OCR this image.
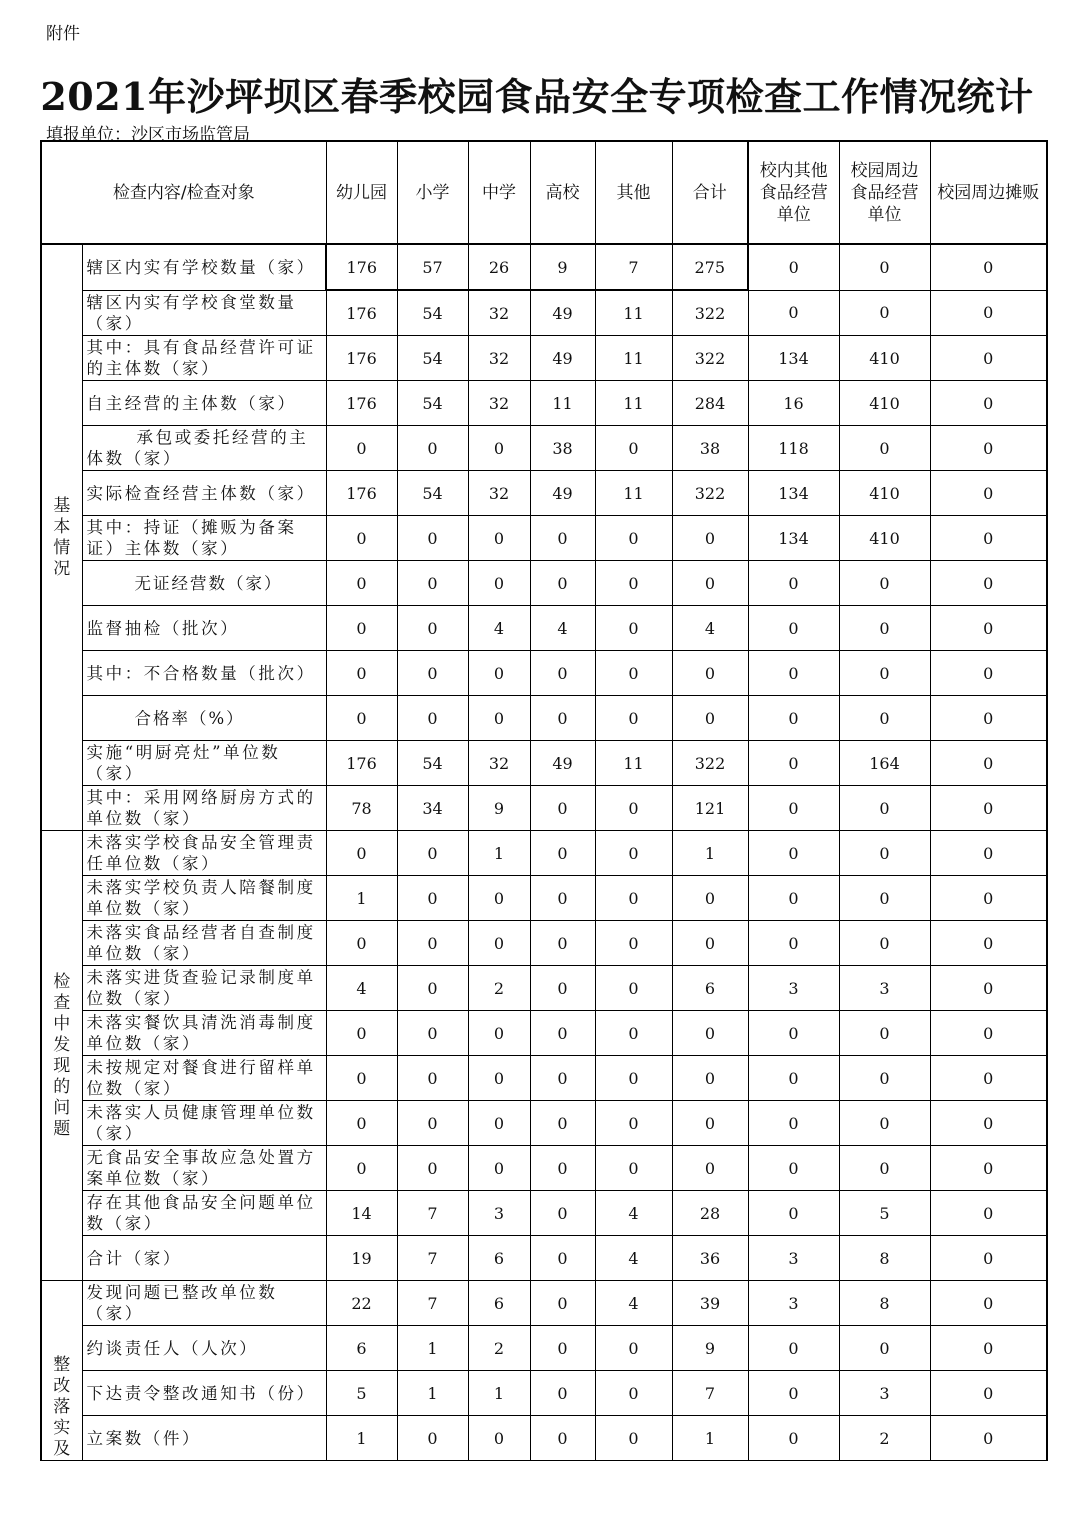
附件
2021年沙坪坝区春季校园食品安全专项检查工作情况统计
填报单位：沙区市场监管局
检查内容/检查对象		幼儿园	小学	中学	高校	其他	合计	校内其他食品经营单位	校园周边食品经营单位	校园周边摊贩
基本情况	辖区内实有学校数量（家）	176	57	26	9	7	275	0	0	0
	辖区内实有学校食堂数量（家）	176	54	32	49	11	322	0	0	0
	其中：具有食品经营许可证的主体数（家）	176	54	32	49	11	322	134	410	0
	自主经营的主体数（家）	176	54	32	11	11	284	16	410	0
	承包或委托经营的主体数（家）	0	0	0	38	0	38	118	0	0
	实际检查经营主体数（家）	176	54	32	49	11	322	134	410	0
	其中：持证（摊贩为备案证）主体数（家）	0	0	0	0	0	0	134	410	0
	无证经营数（家）	0	0	0	0	0	0	0	0	0
	监督抽检（批次）	0	0	4	4	0	4	0	0	0
	其中：不合格数量（批次）	0	0	0	0	0	0	0	0	0
	合格率（%）	0	0	0	0	0	0	0	0	0
	实施“明厨亮灶”单位数（家）	176	54	32	49	11	322	0	164	0
	其中：采用网络厨房方式的单位数（家）	78	34	9	0	0	121	0	0	0
检查中发现的问题	未落实学校食品安全管理责任单位数（家）	0	0	1	0	0	1	0	0	0
	未落实学校负责人陪餐制度单位数（家）	1	0	0	0	0	0	0	0	0
	未落实食品经营者自查制度单位数（家）	0	0	0	0	0	0	0	0	0
	未落实进货查验记录制度单位数（家）	4	0	2	0	0	6	3	3	0
	未落实餐饮具清洗消毒制度单位数（家）	0	0	0	0	0	0	0	0	0
	未按规定对餐食进行留样单位数（家）	0	0	0	0	0	0	0	0	0
	未落实人员健康管理单位数（家）	0	0	0	0	0	0	0	0	0
	无食品安全事故应急处置方案单位数（家）	0	0	0	0	0	0	0	0	0
	存在其他食品安全问题单位数（家）	14	7	3	0	4	28	0	5	0
	合计（家）	19	7	6	0	4	36	3	8	0
整改落实及	发现问题已整改单位数（家）	22	7	6	0	4	39	3	8	0
	约谈责任人（人次）	6	1	2	0	0	9	0	0	0
	下达责令整改通知书（份）	5	1	1	0	0	7	0	3	0
	立案数（件）	1	0	0	0	0	1	0	2	0
